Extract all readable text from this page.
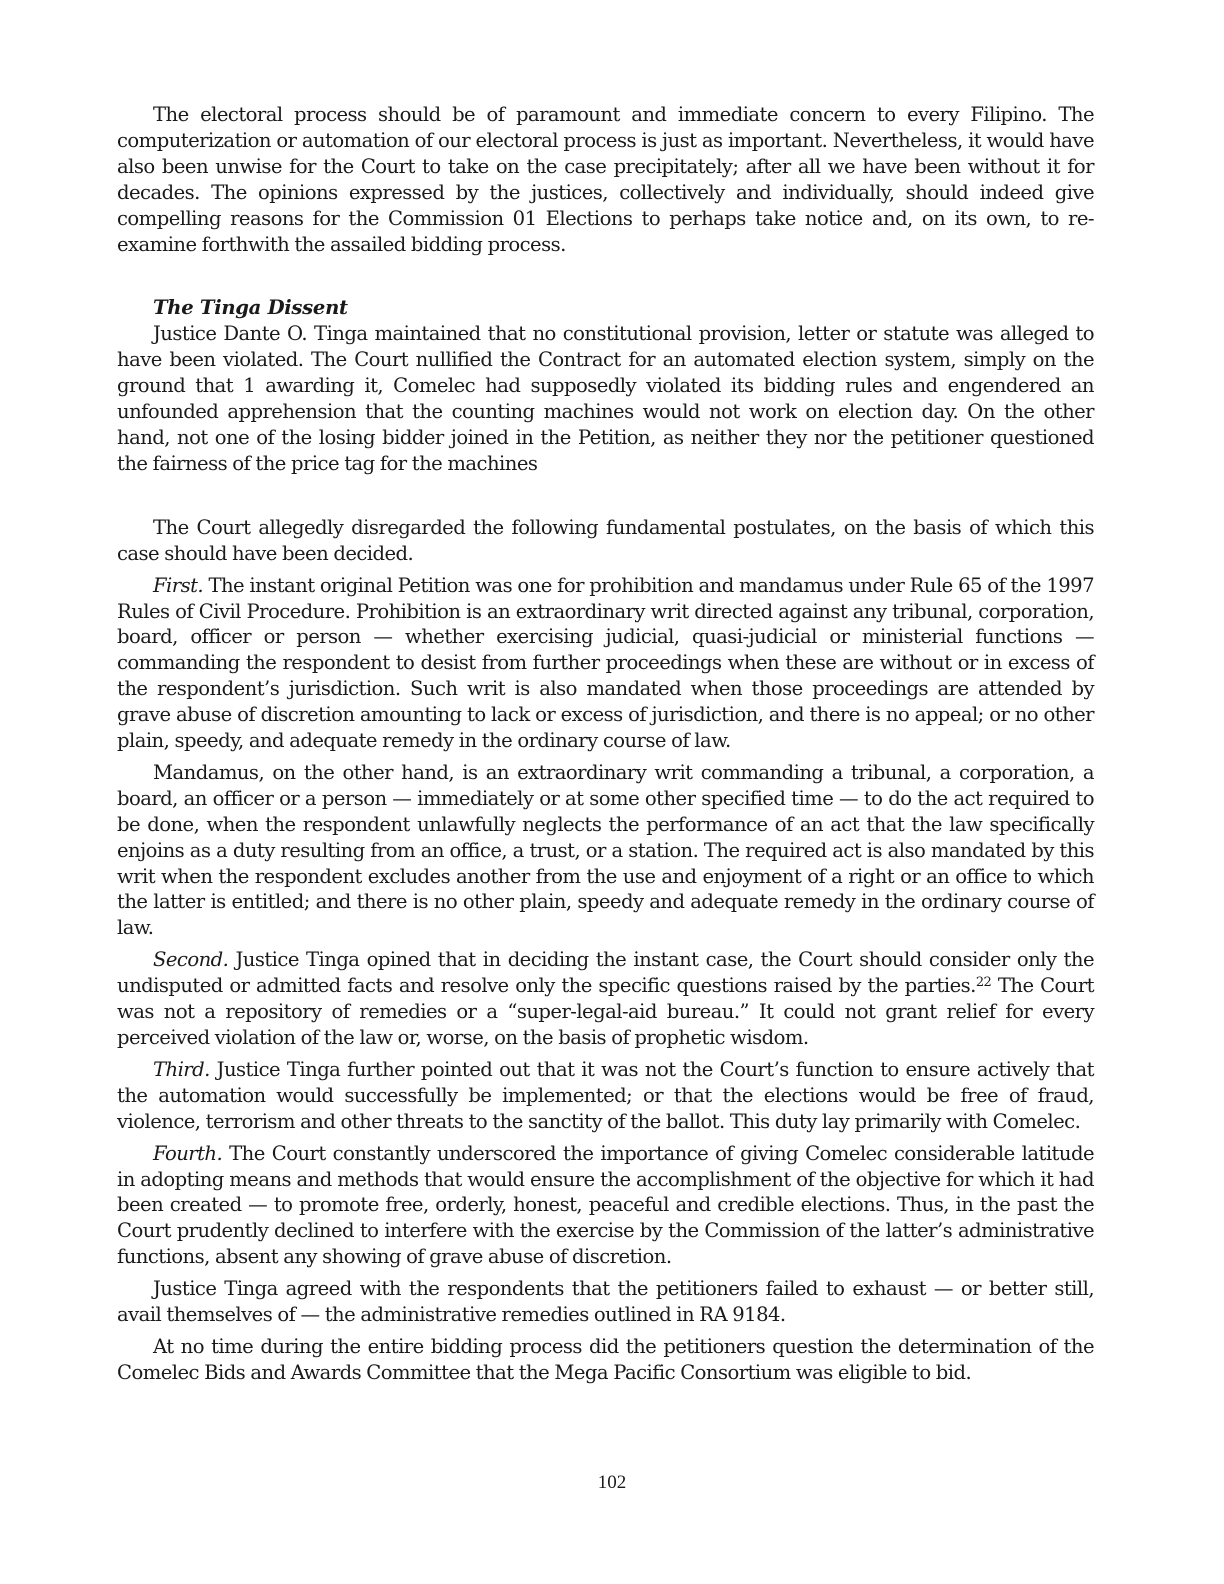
The electoral process should be of paramount and immediate concern to every Filipino. The computerization or automation of our electoral process is just as important. Nevertheless, it would have also been unwise for the Court to take on the case precipitately; after all we have been without it for decades. The opinions expressed by the justices, collectively and individually, should indeed give compelling reasons for the Commission 01 Elections to perhaps take notice and, on its own, to re-examine forthwith the assailed bidding process.

The Tinga Dissent

Justice Dante O. Tinga maintained that no constitutional provision, letter or statute was alleged to have been violated. The Court nullified the Contract for an automated election system, simply on the ground that 1 awarding it, Comelec had supposedly violated its bidding rules and engendered an unfounded apprehension that the counting machines would not work on election day. On the other hand, not one of the losing bidder joined in the Petition, as neither they nor the petitioner questioned the fairness of the price tag for the machines

The Court allegedly disregarded the following fundamental postulates, on the basis of which this case should have been decided.

First. The instant original Petition was one for prohibition and mandamus under Rule 65 of the 1997 Rules of Civil Procedure. Prohibition is an extraordinary writ directed against any tribunal, corporation, board, officer or person — whether exercising judicial, quasi-judicial or ministerial functions — commanding the respondent to desist from further proceedings when these are without or in excess of the respondent’s jurisdiction. Such writ is also mandated when those proceedings are attended by grave abuse of discretion amounting to lack or excess of jurisdiction, and there is no appeal; or no other plain, speedy, and adequate remedy in the ordinary course of law.

Mandamus, on the other hand, is an extraordinary writ commanding a tribunal, a corporation, a board, an officer or a person — immediately or at some other specified time — to do the act required to be done, when the respondent unlawfully neglects the performance of an act that the law specifically enjoins as a duty resulting from an office, a trust, or a station. The required act is also mandated by this writ when the respondent excludes another from the use and enjoyment of a right or an office to which the latter is entitled; and there is no other plain, speedy and adequate remedy in the ordinary course of law.

Second. Justice Tinga opined that in deciding the instant case, the Court should consider only the undisputed or admitted facts and resolve only the specific questions raised by the parties.$^{22}$ The Court was not a repository of remedies or a “super-legal-aid bureau.” It could not grant relief for every perceived violation of the law or, worse, on the basis of prophetic wisdom.

Third. Justice Tinga further pointed out that it was not the Court’s function to ensure actively that the automation would successfully be implemented; or that the elections would be free of fraud, violence, terrorism and other threats to the sanctity of the ballot. This duty lay primarily with Comelec.

Fourth. The Court constantly underscored the importance of giving Comelec considerable latitude in adopting means and methods that would ensure the accomplishment of the objective for which it had been created — to promote free, orderly, honest, peaceful and credible elections. Thus, in the past the Court prudently declined to interfere with the exercise by the Commission of the latter’s administrative functions, absent any showing of grave abuse of discretion.

Justice Tinga agreed with the respondents that the petitioners failed to exhaust — or better still, avail themselves of — the administrative remedies outlined in RA 9184.

At no time during the entire bidding process did the petitioners question the determination of the Comelec Bids and Awards Committee that the Mega Pacific Consortium was eligible to bid.

102
